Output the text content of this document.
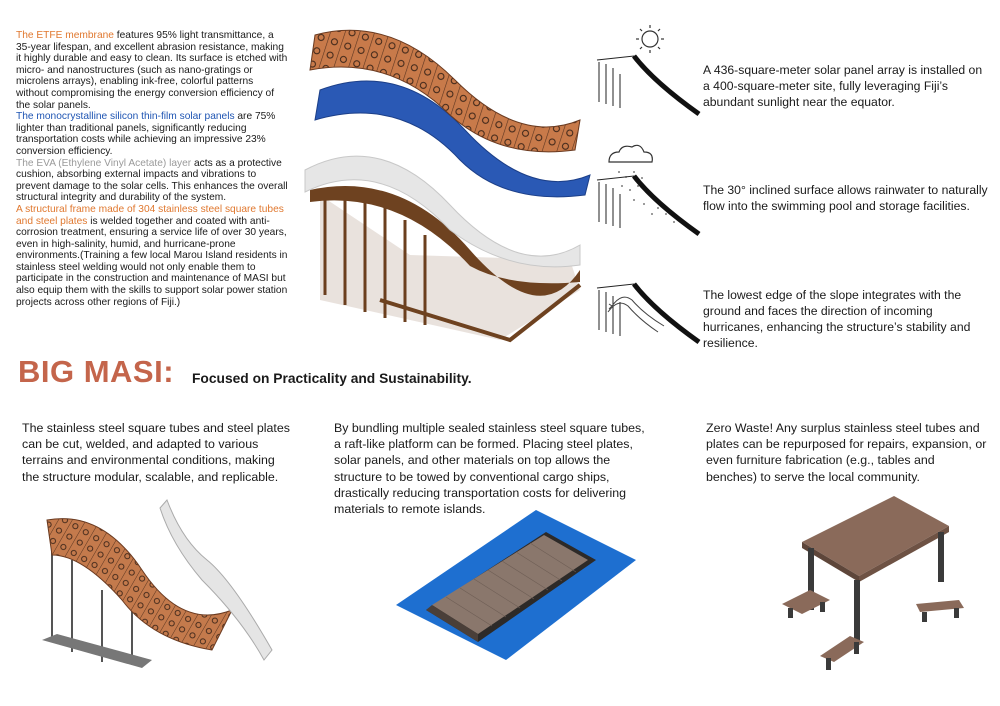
The ETFE membrane features 95% light transmittance, a 35-year lifespan, and excellent abrasion resistance, making it highly durable and easy to clean. Its surface is etched with micro- and nanostructures (such as nano-gratings or microlens arrays), enabling ink-free, colorful patterns without compromising the energy conversion efficiency of the solar panels.

The monocrystalline silicon thin-film solar panels are 75% lighter than traditional panels, significantly reducing transportation costs while achieving an impressive 23% conversion efficiency.

The EVA (Ethylene Vinyl Acetate) layer acts as a protective cushion, absorbing external impacts and vibrations to prevent damage to the solar cells. This enhances the overall structural integrity and durability of the system.

A structural frame made of 304 stainless steel square tubes and steel plates is welded together and coated with anti-corrosion treatment, ensuring a service life of over 30 years, even in high-salinity, humid, and hurricane-prone environments.(Training a few local Marou Island residents in stainless steel welding would not only enable them to participate in the construction and maintenance of MASI but also equip them with the skills to support solar power station projects across other regions of Fiji.)

A 436-square-meter solar panel array is installed on a 400-square-meter site, fully leveraging Fiji’s abundant sunlight near the equator.
The 30° inclined surface allows rainwater to naturally flow into the swimming pool and storage facilities.
The lowest edge of the slope integrates with the ground and faces the direction of incoming hurricanes, enhancing the structure’s stability and resilience.
BIG MASI: Focused on Practicality and Sustainability.
The stainless steel square tubes and steel plates can be cut, welded, and adapted to various terrains and environmental conditions, making the structure modular, scalable, and replicable.
By bundling multiple sealed stainless steel square tubes, a raft-like platform can be formed. Placing steel plates, solar panels, and other materials on top allows the structure to be towed by conventional cargo ships, drastically reducing transportation costs for delivering materials to remote islands.
Zero Waste! Any surplus stainless steel tubes and plates can be repurposed for repairs, expansion, or even furniture fabrication (e.g., tables and benches) to serve the local community.
